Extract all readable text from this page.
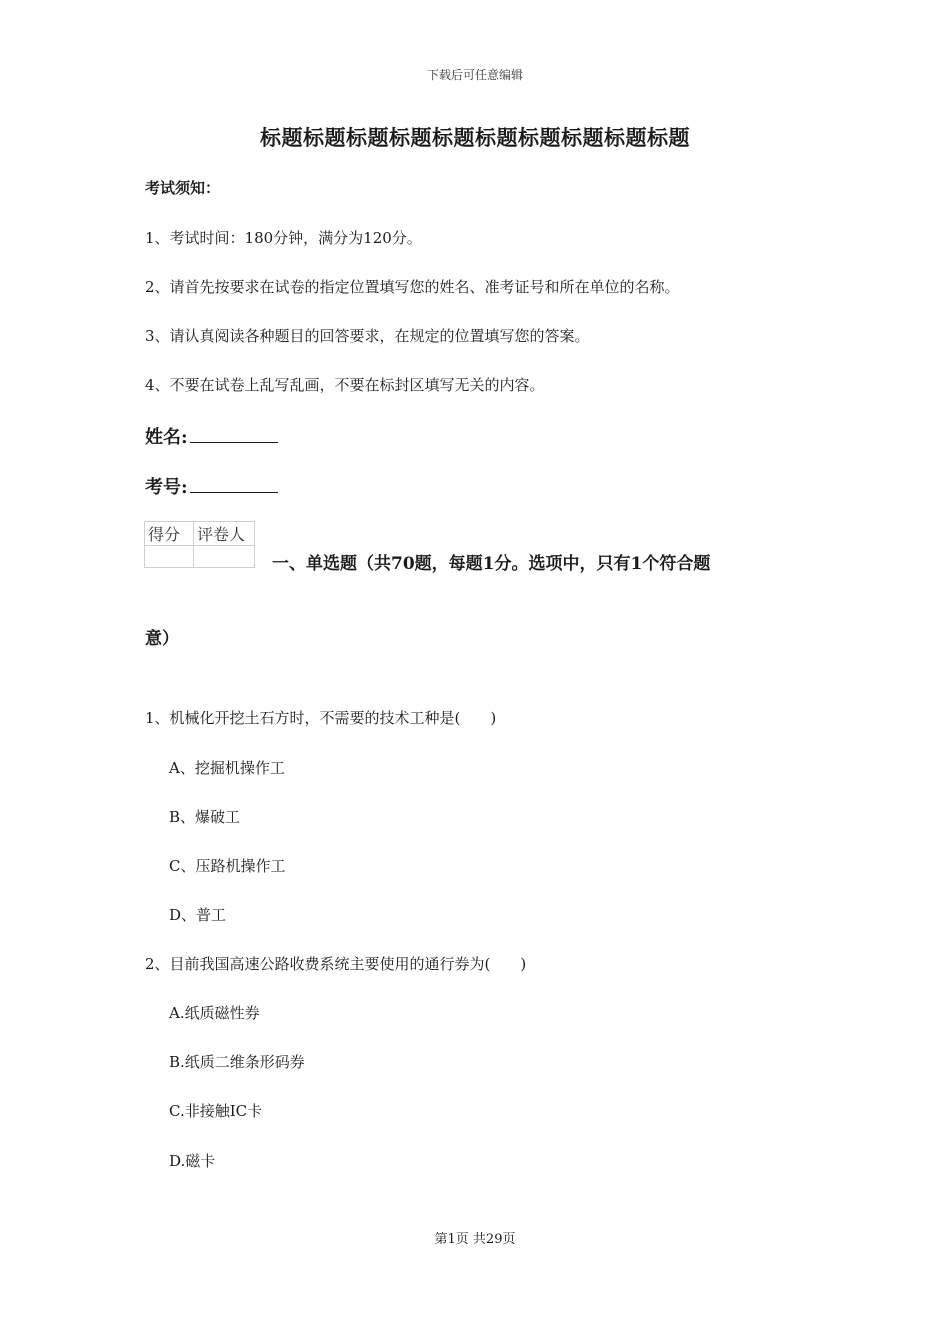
下载后可任意编辑
标题标题标题标题标题标题标题标题标题标题
考试须知：
1、考试时间：180分钟，满分为120分。
2、请首先按要求在试卷的指定位置填写您的姓名、准考证号和所在单位的名称。
3、请认真阅读各种题目的回答要求，在规定的位置填写您的答案。
4、不要在试卷上乱写乱画，不要在标封区填写无关的内容。
姓名:
考号:
得分	评卷人

一、单选题（共70题，每题1分。选项中，只有1个符合题
意）
1、机械化开挖土石方时，不需要的技术工种是(　　)
A、挖掘机操作工
B、爆破工
C、压路机操作工
D、普工
2、目前我国高速公路收费系统主要使用的通行券为(　　)
A.纸质磁性券
B.纸质二维条形码券
C.非接触IC卡
D.磁卡
第1页 共29页
